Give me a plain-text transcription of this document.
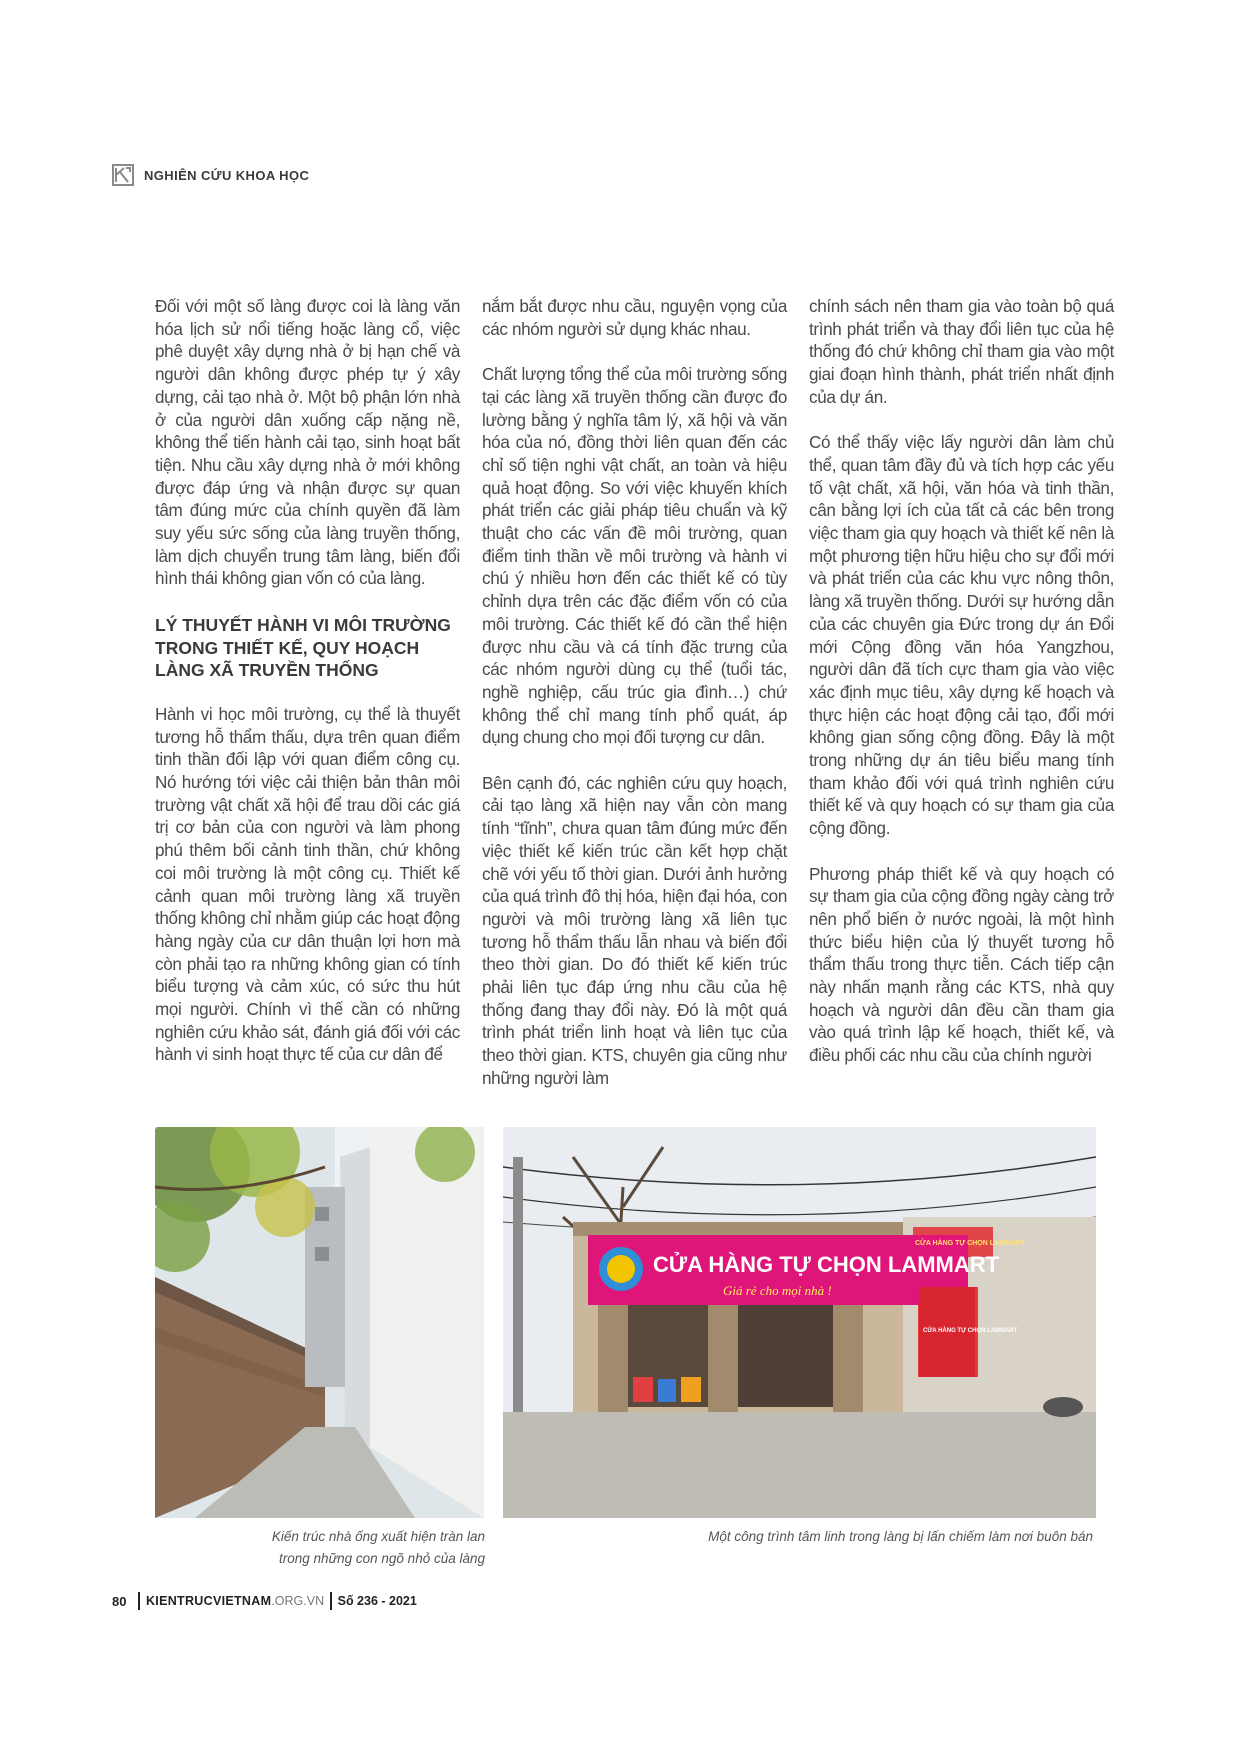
NGHIÊN CỨU KHOA HỌC

Đối với một số làng được coi là làng văn hóa lịch sử nổi tiếng hoặc làng cổ, việc phê duyệt xây dựng nhà ở bị hạn chế và người dân không được phép tự ý xây dựng, cải tạo nhà ở. Một bộ phận lớn nhà ở của người dân xuống cấp nặng nề, không thể tiến hành cải tạo, sinh hoạt bất tiện. Nhu cầu xây dựng nhà ở mới không được đáp ứng và nhận được sự quan tâm đúng mức của chính quyền đã làm suy yếu sức sống của làng truyền thống, làm dịch chuyển trung tâm làng, biến đổi hình thái không gian vốn có của làng.

LÝ THUYẾT HÀNH VI MÔI TRƯỜNG TRONG THIẾT KẾ, QUY HOẠCH LÀNG XÃ TRUYỀN THỐNG

Hành vi học môi trường, cụ thể là thuyết tương hỗ thẩm thấu, dựa trên quan điểm tinh thần đối lập với quan điểm công cụ. Nó hướng tới việc cải thiện bản thân môi trường vật chất xã hội để trau dồi các giá trị cơ bản của con người và làm phong phú thêm bối cảnh tinh thần, chứ không coi môi trường là một công cụ. Thiết kế cảnh quan môi trường làng xã truyền thống không chỉ nhằm giúp các hoạt động hàng ngày của cư dân thuận lợi hơn mà còn phải tạo ra những không gian có tính biểu tượng và cảm xúc, có sức thu hút mọi người. Chính vì thế cần có những nghiên cứu khảo sát, đánh giá đối với các hành vi sinh hoạt thực tế của cư dân để

nắm bắt được nhu cầu, nguyện vọng của các nhóm người sử dụng khác nhau.

Chất lượng tổng thể của môi trường sống tại các làng xã truyền thống cần được đo lường bằng ý nghĩa tâm lý, xã hội và văn hóa của nó, đồng thời liên quan đến các chỉ số tiện nghi vật chất, an toàn và hiệu quả hoạt động. So với việc khuyến khích phát triển các giải pháp tiêu chuẩn và kỹ thuật cho các vấn đề môi trường, quan điểm tinh thần về môi trường và hành vi chú ý nhiều hơn đến các thiết kế có tùy chỉnh dựa trên các đặc điểm vốn có của môi trường. Các thiết kế đó cần thể hiện được nhu cầu và cá tính đặc trưng của các nhóm người dùng cụ thể (tuổi tác, nghề nghiệp, cấu trúc gia đình…) chứ không thể chỉ mang tính phổ quát, áp dụng chung cho mọi đối tượng cư dân.

Bên cạnh đó, các nghiên cứu quy hoạch, cải tạo làng xã hiện nay vẫn còn mang tính “tĩnh”, chưa quan tâm đúng mức đến việc thiết kế kiến trúc cần kết hợp chặt chẽ với yếu tố thời gian. Dưới ảnh hưởng của quá trình đô thị hóa, hiện đại hóa, con người và môi trường làng xã liên tục tương hỗ thẩm thấu lẫn nhau và biến đổi theo thời gian. Do đó thiết kế kiến trúc phải liên tục đáp ứng nhu cầu của hệ thống đang thay đổi này. Đó là một quá trình phát triển linh hoạt và liên tục của theo thời gian. KTS, chuyên gia cũng như những người làm

chính sách nên tham gia vào toàn bộ quá trình phát triển và thay đổi liên tục của hệ thống đó chứ không chỉ tham gia vào một giai đoạn hình thành, phát triển nhất định của dự án.

Có thể thấy việc lấy người dân làm chủ thể, quan tâm đầy đủ và tích hợp các yếu tố vật chất, xã hội, văn hóa và tinh thần, cân bằng lợi ích của tất cả các bên trong việc tham gia quy hoạch và thiết kế nên là một phương tiện hữu hiệu cho sự đổi mới và phát triển của các khu vực nông thôn, làng xã truyền thống. Dưới sự hướng dẫn của các chuyên gia Đức trong dự án Đổi mới Cộng đồng văn hóa Yangzhou, người dân đã tích cực tham gia vào việc xác định mục tiêu, xây dựng kế hoạch và thực hiện các hoạt động cải tạo, đổi mới không gian sống cộng đồng. Đây là một trong những dự án tiêu biểu mang tính tham khảo đối với quá trình nghiên cứu thiết kế và quy hoạch có sự tham gia của cộng đồng.

Phương pháp thiết kế và quy hoạch có sự tham gia của cộng đồng ngày càng trở nên phổ biến ở nước ngoài, là một hình thức biểu hiện của lý thuyết tương hỗ thẩm thấu trong thực tiễn. Cách tiếp cận này nhấn mạnh rằng các KTS, nhà quy hoạch và người dân đều cần tham gia vào quá trình lập kế hoạch, thiết kế, và điều phối các nhu cầu của chính người

CỬA HÀNG TỰ CHỌN LAMMART
Giá rẻ cho mọi nhà !
CỬA HÀNG TỰ CHỌN LAMMART
CỬA HÀNG TỰ CHỌN LAMMART
Kiến trúc nhà ống xuất hiện tràn lan
trong những con ngõ nhỏ của làng
Một công trình tâm linh trong làng bị lấn chiếm làm nơi buôn bán
80 KIENTRUCVIETNAM.ORG.VN Số 236 - 2021
